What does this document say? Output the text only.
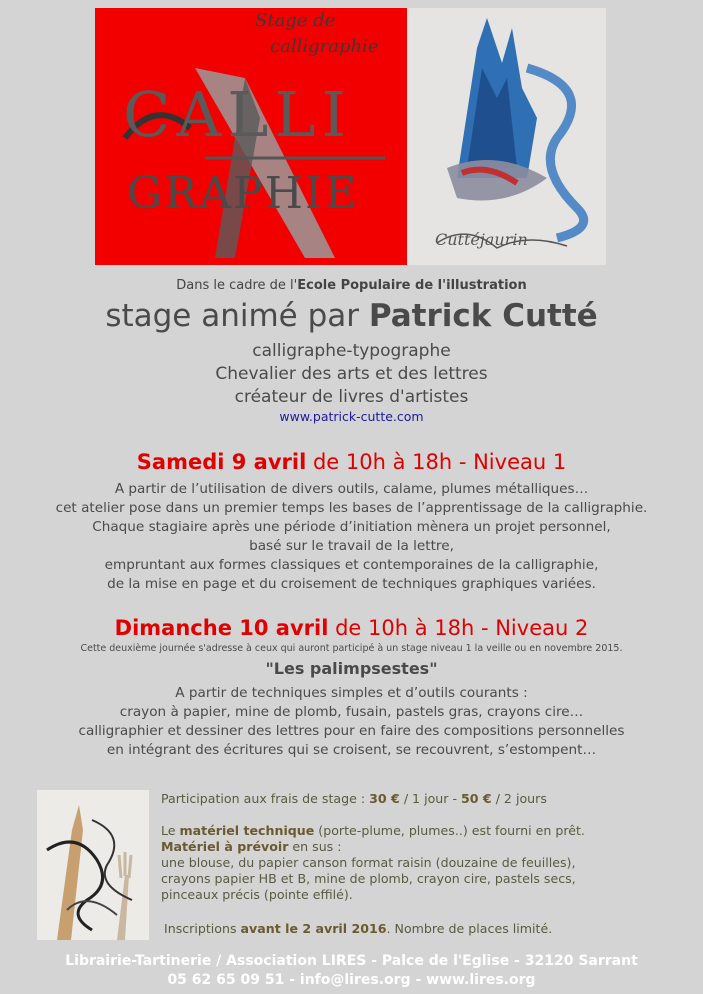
Stage de
calligraphie
CALLI
GRAPHIE
Cuttéjaurin
Dans le cadre de l'Ecole Populaire de l'illustration
stage animé par Patrick Cutté
calligraphe-typographe
Chevalier des arts et des lettres
créateur de livres d'artistes
www.patrick-cutte.com
Samedi 9 avril de 10h à 18h - Niveau 1
A partir de l’utilisation de divers outils, calame, plumes métalliques…
cet atelier pose dans un premier temps les bases de l’apprentissage de la calligraphie.
Chaque stagiaire après une période d’initiation mènera un projet personnel,
basé sur le travail de la lettre,
empruntant aux formes classiques et contemporaines de la calligraphie,
de la mise en page et du croisement de techniques graphiques variées.
Dimanche 10 avril de 10h à 18h - Niveau 2
Cette deuxième journée s'adresse à ceux qui auront participé à un stage niveau 1 la veille ou en novembre 2015.
"Les palimpsestes"
A partir de techniques simples et d’outils courants :
crayon à papier, mine de plomb, fusain, pastels gras, crayons cire…
calligraphier et dessiner des lettres pour en faire des compositions personnelles
en intégrant des écritures qui se croisent, se recouvrent, s’estompent…
Participation aux frais de stage : 30 € / 1 jour - 50 € / 2 jours
Le matériel technique (porte-plume, plumes..) est fourni en prêt.
Matériel à prévoir en sus :
une blouse, du papier canson format raisin (douzaine de feuilles),
crayons papier HB et B, mine de plomb, crayon cire, pastels secs,
pinceaux précis (pointe effilé).
Inscriptions avant le 2 avril 2016. Nombre de places limité.
Librairie-Tartinerie / Association LIRES - Palce de l'Eglise - 32120 Sarrant
05 62 65 09 51 - info@lires.org - www.lires.org
